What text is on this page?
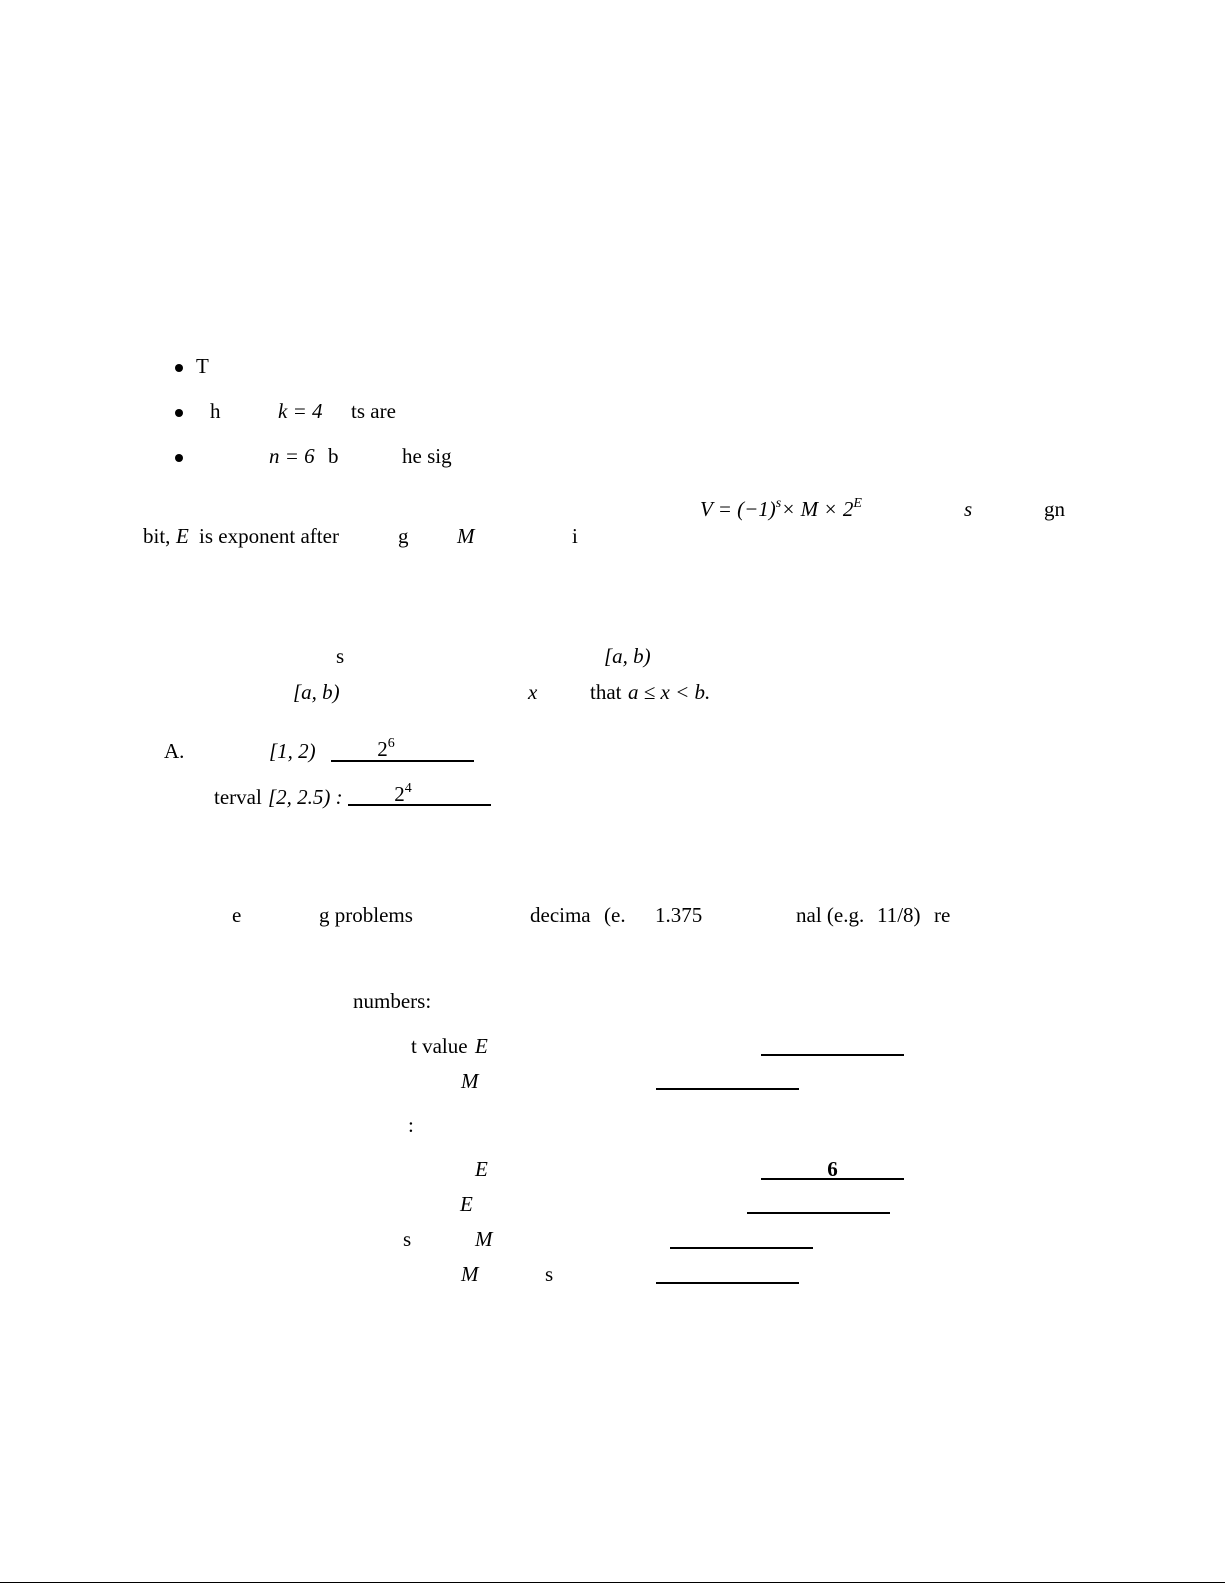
T
h	k = 4 ts are
n = 6 b	he sig
$V = (-1)^s\times M \times 2^E$	s	gn
bit, E is exponent after	g M	i
s	[a, b)
[a, b)	x	that a ≤ x < b.
A.	[1, 2)	$2^6$
terval [2, 2.5) :	$2^4$
e	g problems	decima (e. 1.375	nal (e.g. 11/8) re
numbers:
t value E
M
:
E	6
E
s	M
M	s
